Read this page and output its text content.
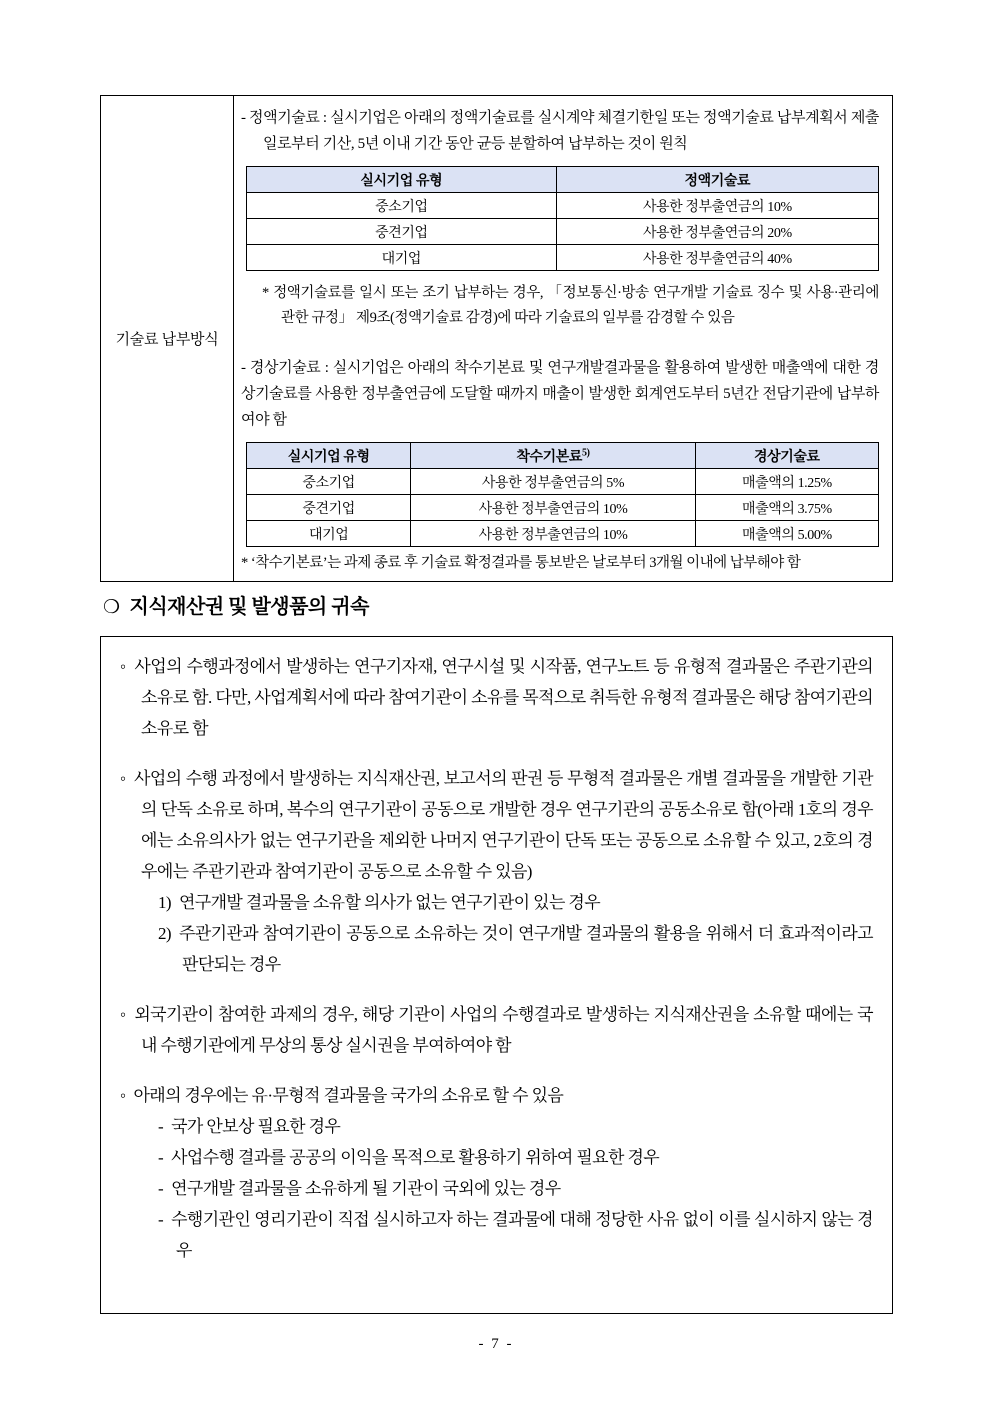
기술료 납부방식	
- 정액기술료 : 실시기업은 아래의 정액기술료를 실시계약 체결기한일 또는 정액기술료 납부계획서 제출일로부터 기산, 5년 이내 기간 동안 균등 분할하여 납부하는 것이 원칙
실시기업 유형	정액기술료
중소기업	사용한 정부출연금의 10%
중견기업	사용한 정부출연금의 20%
대기업	사용한 정부출연금의 40%
* 정액기술료를 일시 또는 조기 납부하는 경우, 「정보통신·방송 연구개발 기술료 징수 및 사용·관리에 관한 규정」 제9조(정액기술료 감경)에 따라 기술료의 일부를 감경할 수 있음
- 경상기술료 : 실시기업은 아래의 착수기본료 및 연구개발결과물을 활용하여 발생한 매출액에 대한 경상기술료를 사용한 정부출연금에 도달할 때까지 매출이 발생한 회계연도부터 5년간 전담기관에 납부하여야 함
실시기업 유형	착수기본료$^{5)}$	경상기술료
중소기업	사용한 정부출연금의 5%	매출액의 1.25%
중견기업	사용한 정부출연금의 10%	매출액의 3.75%
대기업	사용한 정부출연금의 10%	매출액의 5.00%
* ‘착수기본료’는 과제 종료 후 기술료 확정결과를 통보받은 날로부터 3개월 이내에 납부해야 함
❍ 지식재산권 및 발생품의 귀속
◦ 사업의 수행과정에서 발생하는 연구기자재, 연구시설 및 시작품, 연구노트 등 유형적 결과물은 주관기관의 소유로 함. 다만, 사업계획서에 따라 참여기관이 소유를 목적으로 취득한 유형적 결과물은 해당 참여기관의 소유로 함
◦ 사업의 수행 과정에서 발생하는 지식재산권, 보고서의 판권 등 무형적 결과물은 개별 결과물을 개발한 기관의 단독 소유로 하며, 복수의 연구기관이 공동으로 개발한 경우 연구기관의 공동소유로 함(아래 1호의 경우에는 소유의사가 없는 연구기관을 제외한 나머지 연구기관이 단독 또는 공동으로 소유할 수 있고, 2호의 경우에는 주관기관과 참여기관이 공동으로 소유할 수 있음)
1) 연구개발 결과물을 소유할 의사가 없는 연구기관이 있는 경우
2) 주관기관과 참여기관이 공동으로 소유하는 것이 연구개발 결과물의 활용을 위해서 더 효과적이라고 판단되는 경우
◦ 외국기관이 참여한 과제의 경우, 해당 기관이 사업의 수행결과로 발생하는 지식재산권을 소유할 때에는 국내 수행기관에게 무상의 통상 실시권을 부여하여야 함
◦ 아래의 경우에는 유·무형적 결과물을 국가의 소유로 할 수 있음
- 국가 안보상 필요한 경우
- 사업수행 결과를 공공의 이익을 목적으로 활용하기 위하여 필요한 경우
- 연구개발 결과물을 소유하게 될 기관이 국외에 있는 경우
- 수행기관인 영리기관이 직접 실시하고자 하는 결과물에 대해 정당한 사유 없이 이를 실시하지 않는 경우
- 7 -
